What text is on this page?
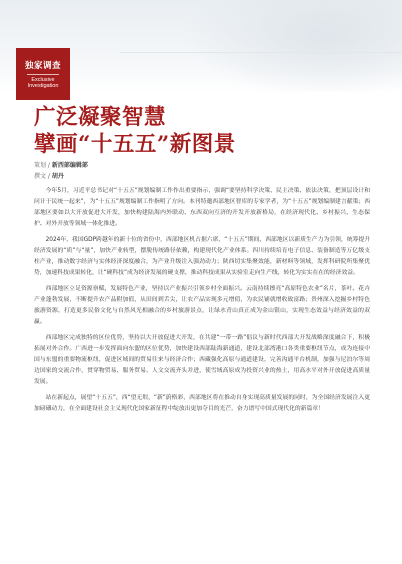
独家调查
Exclusive
Investigation
广泛凝聚智慧
擘画“十五五”新图景
策划 / 新西部编辑部
撰文 / 胡丹

今年5月，习近平总书记对“十五五”规划编制工作作出重要指示，强调“要坚持科学决策、民主决策、依法决策，把顶层设计和问计于民统一起来”，为“十五五”规划编制工作指明了方向。本刊特邀西部地区智库的专家学者，为“十五五”规划编制建言献策；西部地区要如以大开放促进大开发，加快构建陆海内外联动、东西双向互济的开发开放新格局，在经济现代化、乡村振兴、生态保护、对外开放等领域一体化推进。

2024年，我国GDP跨越年的新十位的省份中，西部地区机占据六席，“十五五”期间，西部地区以新质生产力为引领，统筹提升经济发展的“质”与“量”，加快产业转型，摆脱传统路径依赖，构建现代化产业体系。四川持续培育电子信息、装备制造等万亿级支柱产业，推动数字经济与实体经济深度融合，为产业升级注入强劲动力；陕西切实集聚效能，新材料等领域，发挥科研院所集聚优势，加速科技成果转化，让“硬科技”成为经济发展的硬支撑，推动科技成果从实验室走向生产线，转化为实实在在的经济效益。

西部地区立足资源禀赋，发展特色产业，坚持以产业振兴引领乡村全面振兴。云南持续擦亮“高原特色农业”名片，茶叶、花卉产业蓬勃发展，不断提升农产品附加值，从田间到舌尖，让农产品实现多元增值，为农民铺就增收致富路；贵州深入挖掘乡村特色旅游资源，打造更多民俗文化与自然风光相融合的乡村旅游景点，让绿水青山真正成为金山银山，实现生态效益与经济效益的双赢。

西部地区完成独特的区位优势，坚持以大开放促进大开发，在共建“一带一路”倡议与新时代西部大开发战略深度融合下，积极拓展对外合作。广西进一步发挥面向东盟的区位优势，加快建设西部陆海新通道，建设北部湾港口各类重要枢纽节点，成为连接中国与东盟的重要物流枢纽，促进区域间的贸易往来与经济合作；西藏强化高原与通道建设，完善沟通平台机制，加强与尼泊尔等周边国家的交流合作，贯穿物贸易、服务贸易、人文交流齐头并进，使雪域高原成为投资兴业的热土，用高水平对外开放促进高质量发展。

站在新起点，展望“十五五”，西“望无垠，“新”蔚格彩，西部地区将在推动自身实现高质量发展的同时，为全国经济发展注入更加磅礴动力，在全面建设社会主义现代化国家新征程中绽放出更加夺目的光芒，奋力谱写中国式现代化的新篇章！
